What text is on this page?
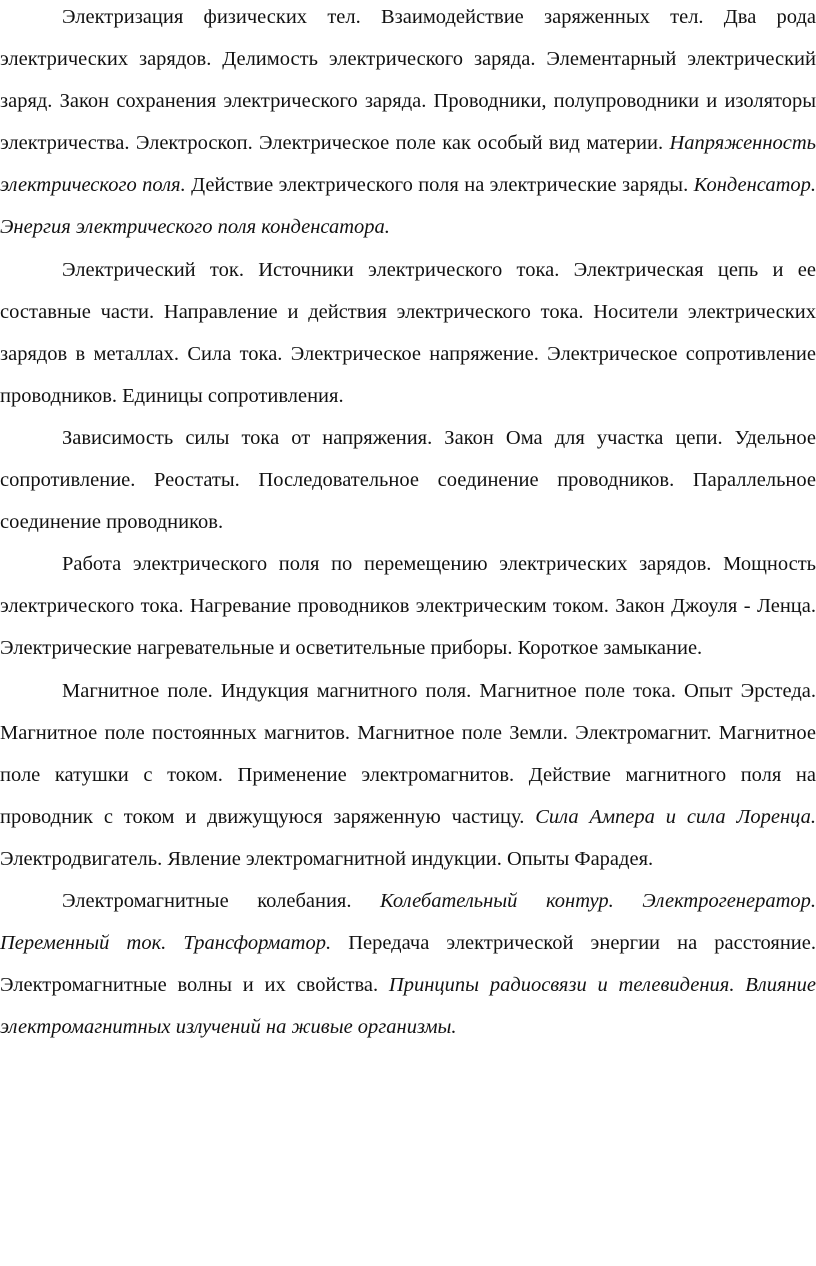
Электризация физических тел. Взаимодействие заряженных тел. Два рода электрических зарядов. Делимость электрического заряда. Элементарный электрический заряд. Закон сохранения электрического заряда. Проводники, полупроводники и изоляторы электричества. Электроскоп. Электрическое поле как особый вид материи. Напряженность электрического поля. Действие электрического поля на электрические заряды. Конденсатор. Энергия электрического поля конденсатора.

Электрический ток. Источники электрического тока. Электрическая цепь и ее составные части. Направление и действия электрического тока. Носители электрических зарядов в металлах. Сила тока. Электрическое напряжение. Электрическое сопротивление проводников. Единицы сопротивления.

Зависимость силы тока от напряжения. Закон Ома для участка цепи. Удельное сопротивление. Реостаты. Последовательное соединение проводников. Параллельное соединение проводников.

Работа электрического поля по перемещению электрических зарядов. Мощность электрического тока. Нагревание проводников электрическим током. Закон Джоуля - Ленца. Электрические нагревательные и осветительные приборы. Короткое замыкание.

Магнитное поле. Индукция магнитного поля. Магнитное поле тока. Опыт Эрстеда. Магнитное поле постоянных магнитов. Магнитное поле Земли. Электромагнит. Магнитное поле катушки с током. Применение электромагнитов. Действие магнитного поля на проводник с током и движущуюся заряженную частицу. Сила Ампера и сила Лоренца. Электродвигатель. Явление электромагнитной индукции. Опыты Фарадея.

Электромагнитные колебания. Колебательный контур. Электрогенератор. Переменный ток. Трансформатор. Передача электрической энергии на расстояние. Электромагнитные волны и их свойства. Принципы радиосвязи и телевидения. Влияние электромагнитных излучений на живые организмы.
